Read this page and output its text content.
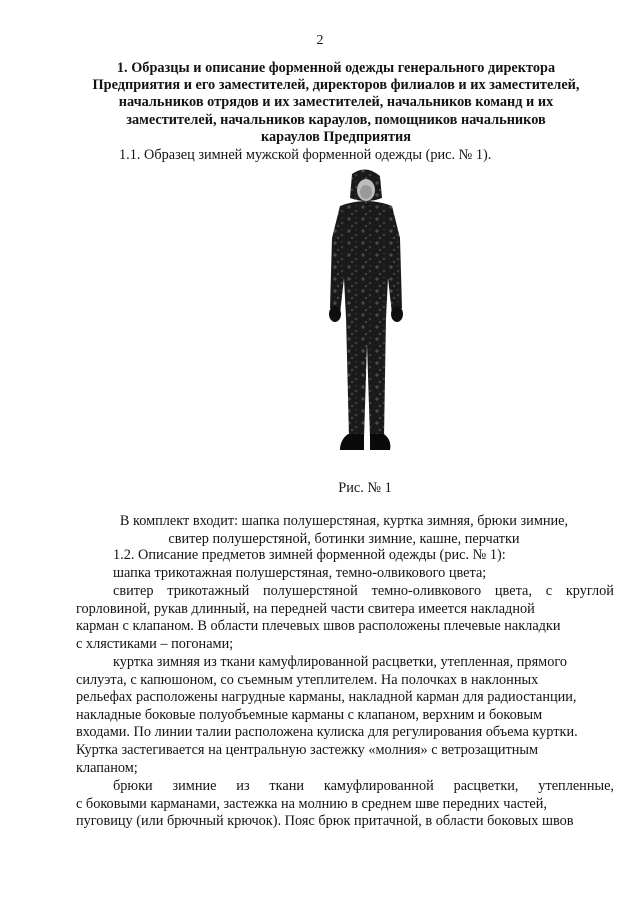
2
1. Образцы и описание форменной одежды генерального директора
Предприятия и его заместителей, директоров филиалов и их заместителей,
начальников отрядов и их заместителей, начальников команд и их
заместителей, начальников караулов, помощников начальников
караулов Предприятия
1.1. Образец зимней мужской форменной одежды (рис. № 1).
Рис. № 1
В комплект входит: шапка полушерстяная, куртка зимняя, брюки зимние,
свитер полушерстяной, ботинки зимние, кашне, перчатки
1.2. Описание предметов зимней форменной одежды (рис. № 1):
шапка трикотажная полушерстяная, темно-олвикового цвета;
свитер трикотажный полушерстяной темно-оливкового цвета, с круглой
горловиной, рукав длинный, на передней части свитера имеется накладной
карман с клапаном. В области плечевых швов расположены плечевые накладки
с хлястиками – погонами;
куртка зимняя из ткани камуфлированной расцветки, утепленная, прямого
силуэта, с капюшоном, со съемным утеплителем. На полочках в наклонных
рельефах расположены нагрудные карманы, накладной карман для радиостанции,
накладные боковые полуобъемные карманы с клапаном, верхним и боковым
входами. По линии талии расположена кулиска для регулирования объема куртки.
Куртка застегивается на центральную застежку «молния» с ветрозащитным
клапаном;
брюки зимние из ткани камуфлированной расцветки, утепленные,
с боковыми карманами, застежка на молнию в среднем шве передних частей,
пуговицу (или брючный крючок). Пояс брюк притачной, в области боковых швов
